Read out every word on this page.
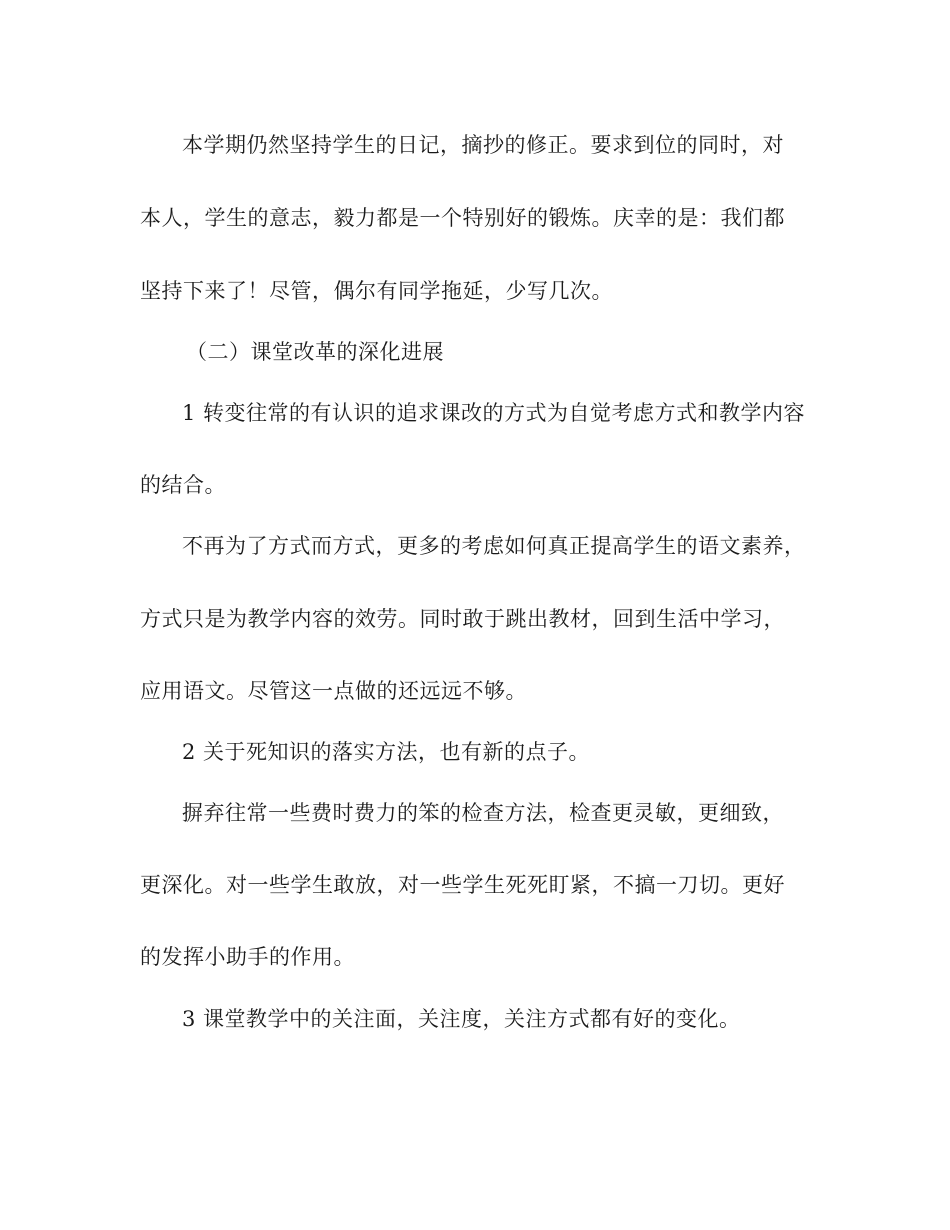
本学期仍然坚持学生的日记，摘抄的修正。要求到位的同时，对
本人，学生的意志，毅力都是一个特别好的锻炼。庆幸的是：我们都
坚持下来了！尽管，偶尔有同学拖延，少写几次。
（二）课堂改革的深化进展
1 转变往常的有认识的追求课改的方式为自觉考虑方式和教学内容
的结合。
不再为了方式而方式，更多的考虑如何真正提高学生的语文素养，
方式只是为教学内容的效劳。同时敢于跳出教材，回到生活中学习，
应用语文。尽管这一点做的还远远不够。
2 关于死知识的落实方法，也有新的点子。
摒弃往常一些费时费力的笨的检查方法，检查更灵敏，更细致，
更深化。对一些学生敢放，对一些学生死死盯紧，不搞一刀切。更好
的发挥小助手的作用。
3 课堂教学中的关注面，关注度，关注方式都有好的变化。
